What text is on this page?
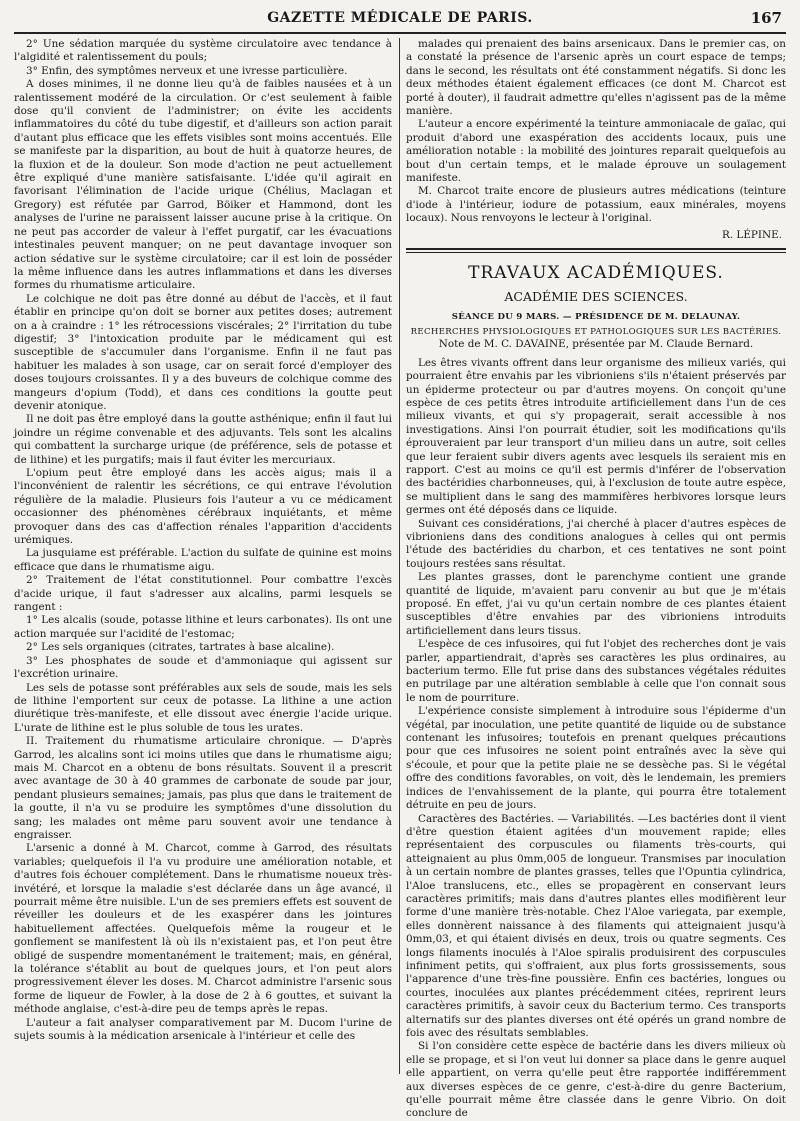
GAZETTE MÉDICALE DE PARIS.	167

2° Une sédation marquée du système circulatoire avec tendance à l'algidité et ralentissement du pouls;

3° Enfin, des symptômes nerveux et une ivresse particulière.

A doses minimes, il ne donne lieu qu'à de faibles nausées et à un ralentissement modéré de la circulation. Or c'est seulement à faible dose qu'il convient de l'administrer; on évite les accidents inflammatoires du côté du tube digestif, et d'ailleurs son action parait d'autant plus efficace que les effets visibles sont moins accentués. Elle se manifeste par la disparition, au bout de huit à quatorze heures, de la fluxion et de la douleur. Son mode d'action ne peut actuellement être expliqué d'une manière satisfaisante. L'idée qu'il agirait en favorisant l'élimination de l'acide urique (Chélius, Maclagan et Gregory) est réfutée par Garrod, Böiker et Hammond, dont les analyses de l'urine ne paraissent laisser aucune prise à la critique. On ne peut pas accorder de valeur à l'effet purgatif, car les évacuations intestinales peuvent manquer; on ne peut davantage invoquer son action sédative sur le système circulatoire; car il est loin de posséder la même influence dans les autres inflammations et dans les diverses formes du rhumatisme articulaire.

Le colchique ne doit pas être donné au début de l'accès, et il faut établir en principe qu'on doit se borner aux petites doses; autrement on a à craindre : 1° les rétrocessions viscérales; 2° l'irritation du tube digestif; 3° l'intoxication produite par le médicament qui est susceptible de s'accumuler dans l'organisme. Enfin il ne faut pas habituer les malades à son usage, car on serait forcé d'employer des doses toujours croissantes. Il y a des buveurs de colchique comme des mangeurs d'opium (Todd), et dans ces conditions la goutte peut devenir atonique.

Il ne doit pas être employé dans la goutte asthénique; enfin il faut lui joindre un régime convenable et des adjuvants. Tels sont les alcalins qui combattent la surcharge urique (de préférence, sels de potasse et de lithine) et les purgatifs; mais il faut éviter les mercuriaux.

L'opium peut être employé dans les accès aigus; mais il a l'inconvénient de ralentir les sécrétions, ce qui entrave l'évolution régulière de la maladie. Plusieurs fois l'auteur a vu ce médicament occasionner des phénomènes cérébraux inquiétants, et même provoquer dans des cas d'affection rénales l'apparition d'accidents urémiques.

La jusquiame est préférable. L'action du sulfate de quinine est moins efficace que dans le rhumatisme aigu.

2° Traitement de l'état constitutionnel. Pour combattre l'excès d'acide urique, il faut s'adresser aux alcalins, parmi lesquels se rangent :

1° Les alcalis (soude, potasse lithine et leurs carbonates). Ils ont une action marquée sur l'acidité de l'estomac;

2° Les sels organiques (citrates, tartrates à base alcaline).

3° Les phosphates de soude et d'ammoniaque qui agissent sur l'excrétion urinaire.

Les sels de potasse sont préférables aux sels de soude, mais les sels de lithine l'emportent sur ceux de potasse. La lithine a une action diurétique très-manifeste, et elle dissout avec énergie l'acide urique. L'urate de lithine est le plus soluble de tous les urates.

II. Traitement du rhumatisme articulaire chronique. — D'après Garrod, les alcalins sont ici moins utiles que dans le rhumatisme aigu; mais M. Charcot en a obtenu de bons résultats. Souvent il a prescrit avec avantage de 30 à 40 grammes de carbonate de soude par jour, pendant plusieurs semaines; jamais, pas plus que dans le traitement de la goutte, il n'a vu se produire les symptômes d'une dissolution du sang; les malades ont même paru souvent avoir une tendance à engraisser.

L'arsenic a donné à M. Charcot, comme à Garrod, des résultats variables; quelquefois il l'a vu produire une amélioration notable, et d'autres fois échouer complétement. Dans le rhumatisme noueux très-invétéré, et lorsque la maladie s'est déclarée dans un âge avancé, il pourrait même être nuisible. L'un de ses premiers effets est souvent de réveiller les douleurs et de les exaspérer dans les jointures habituellement affectées. Quelquefois même la rougeur et le gonflement se manifestent là où ils n'existaient pas, et l'on peut être obligé de suspendre momentanément le traitement; mais, en général, la tolérance s'établit au bout de quelques jours, et l'on peut alors progressivement élever les doses. M. Charcot administre l'arsenic sous forme de liqueur de Fowler, à la dose de 2 à 6 gouttes, et suivant la méthode anglaise, c'est-à-dire peu de temps après le repas.

L'auteur a fait analyser comparativement par M. Ducom l'urine de sujets soumis à la médication arsenicale à l'intérieur et celle des

malades qui prenaient des bains arsenicaux. Dans le premier cas, on a constaté la présence de l'arsenic après un court espace de temps; dans le second, les résultats ont été constamment négatifs. Si donc les deux méthodes étaient également efficaces (ce dont M. Charcot est porté à douter), il faudrait admettre qu'elles n'agissent pas de la même manière.

L'auteur a encore expérimenté la teinture ammoniacale de gaïac, qui produit d'abord une exaspération des accidents locaux, puis une amélioration notable : la mobilité des jointures reparait quelquefois au bout d'un certain temps, et le malade éprouve un soulagement manifeste.

M. Charcot traite encore de plusieurs autres médications (teinture d'iode à l'intérieur, iodure de potassium, eaux minérales, moyens locaux). Nous renvoyons le lecteur à l'original.

R. LÉPINE.
TRAVAUX ACADÉMIQUES.
ACADÉMIE DES SCIENCES.
SÉANCE DU 9 MARS. — PRÉSIDENCE DE M. DELAUNAY.
RECHERCHES PHYSIOLOGIQUES ET PATHOLOGIQUES SUR LES BACTÉRIES.
Note de M. C. DAVAINE, présentée par M. Claude Bernard.

Les êtres vivants offrent dans leur organisme des milieux variés, qui pourraient être envahis par les vibrioniens s'ils n'étaient préservés par un épiderme protecteur ou par d'autres moyens. On conçoit qu'une espèce de ces petits êtres introduite artificiellement dans l'un de ces milieux vivants, et qui s'y propagerait, serait accessible à nos investigations. Ainsi l'on pourrait étudier, soit les modifications qu'ils éprouveraient par leur transport d'un milieu dans un autre, soit celles que leur feraient subir divers agents avec lesquels ils seraient mis en rapport. C'est au moins ce qu'il est permis d'inférer de l'observation des bactéridies charbonneuses, qui, à l'exclusion de toute autre espèce, se multiplient dans le sang des mammifères herbivores lorsque leurs germes ont été déposés dans ce liquide.

Suivant ces considérations, j'ai cherché à placer d'autres espèces de vibrioniens dans des conditions analogues à celles qui ont permis l'étude des bactéridies du charbon, et ces tentatives ne sont point toujours restées sans résultat.

Les plantes grasses, dont le parenchyme contient une grande quantité de liquide, m'avaient paru convenir au but que je m'étais proposé. En effet, j'ai vu qu'un certain nombre de ces plantes étaient susceptibles d'être envahies par des vibrioniens introduits artificiellement dans leurs tissus.

L'espèce de ces infusoires, qui fut l'objet des recherches dont je vais parler, appartiendrait, d'après ses caractères les plus ordinaires, au bacterium termo. Elle fut prise dans des substances végétales réduites en putrilage par une altération semblable à celle que l'on connait sous le nom de pourriture.

L'expérience consiste simplement à introduire sous l'épiderme d'un végétal, par inoculation, une petite quantité de liquide ou de substance contenant les infusoires; toutefois en prenant quelques précautions pour que ces infusoires ne soient point entraînés avec la sève qui s'écoule, et pour que la petite plaie ne se dessèche pas. Si le végétal offre des conditions favorables, on voit, dès le lendemain, les premiers indices de l'envahissement de la plante, qui pourra être totalement détruite en peu de jours.

Caractères des Bactéries. — Variabilités. —Les bactéries dont il vient d'être question étaient agitées d'un mouvement rapide; elles représentaient des corpuscules ou filaments très-courts, qui atteignaient au plus 0mm,005 de longueur. Transmises par inoculation à un certain nombre de plantes grasses, telles que l'Opuntia cylindrica, l'Aloe translucens, etc., elles se propagèrent en conservant leurs caractères primitifs; mais dans d'autres plantes elles modifièrent leur forme d'une manière très-notable. Chez l'Aloe variegata, par exemple, elles donnèrent naissance à des filaments qui atteignaient jusqu'à 0mm,03, et qui étaient divisés en deux, trois ou quatre segments. Ces longs filaments inoculés à l'Aloe spiralis produisirent des corpuscules infiniment petits, qui s'offraient, aux plus forts grossissements, sous l'apparence d'une très-fine poussière. Enfin ces bactéries, longues ou courtes, inoculées aux plantes précédemment citées, reprirent leurs caractères primitifs, à savoir ceux du Bacterium termo. Ces transports alternatifs sur des plantes diverses ont été opérés un grand nombre de fois avec des résultats semblables.

Si l'on considère cette espèce de bactérie dans les divers milieux où elle se propage, et si l'on veut lui donner sa place dans le genre auquel elle appartient, on verra qu'elle peut être rapportée indifféremment aux diverses espèces de ce genre, c'est-à-dire du genre Bacterium, qu'elle pourrait même être classée dans le genre Vibrio. On doit conclure de
